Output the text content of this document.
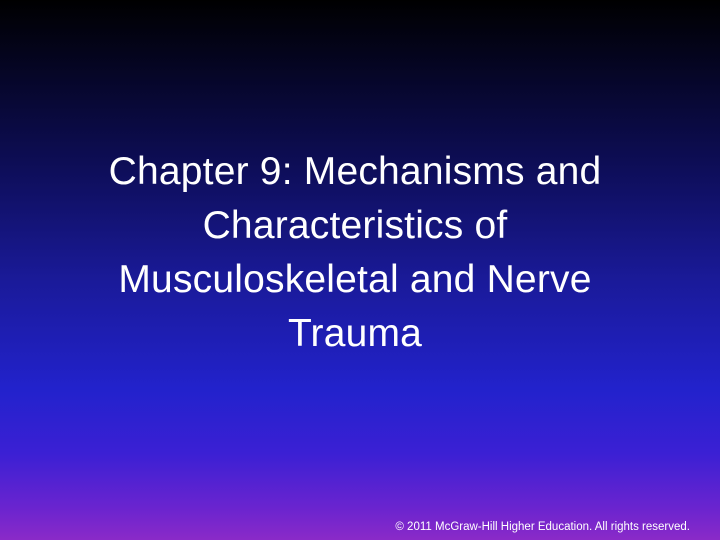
Chapter 9: Mechanisms and
Characteristics of
Musculoskeletal and Nerve
Trauma
© 2011 McGraw-Hill Higher Education. All rights reserved.
